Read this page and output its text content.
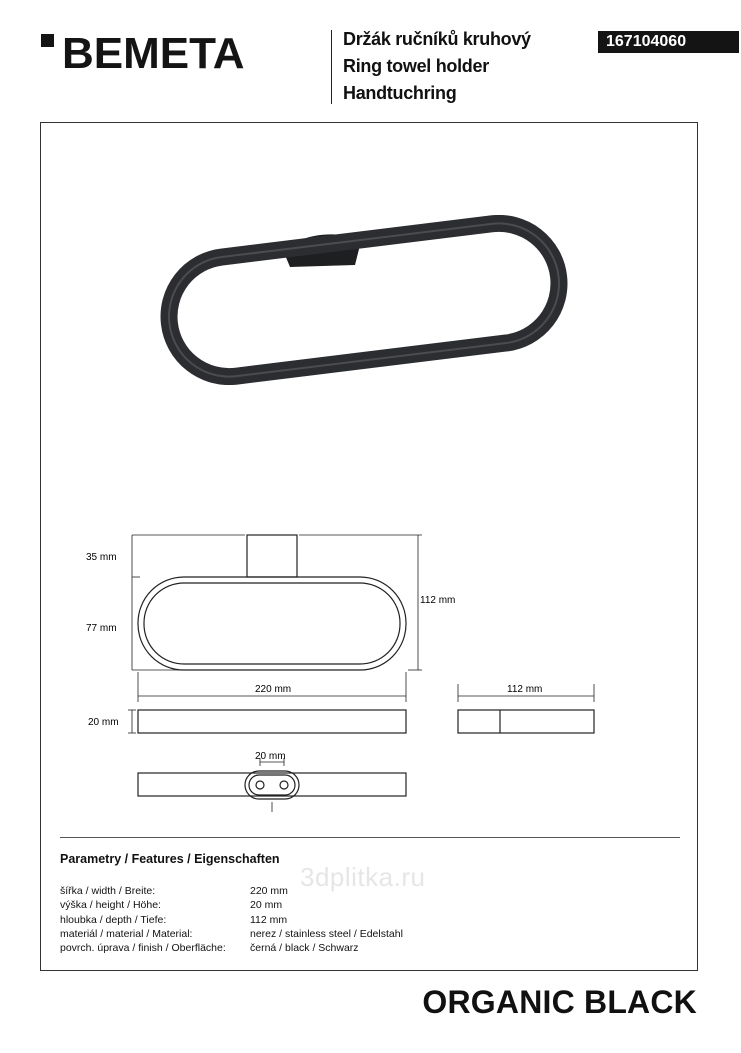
BEMETA	Držák ručníků kruhový
Ring towel holder
Handtuchring
167104060
35 mm
77 mm
112 mm
220 mm	112 mm
20 mm
20 mm
Parametry / Features / Eigenschaften
3dplitka.ru
šířka / width / Breite:	220 mm
výška / height / Höhe:	20 mm
hloubka / depth / Tiefe:	112 mm
materiál / material / Material:	nerez / stainless steel / Edelstahl
povrch. úprava / finish / Oberfläche:	černá / black / Schwarz
ORGANIC BLACK
